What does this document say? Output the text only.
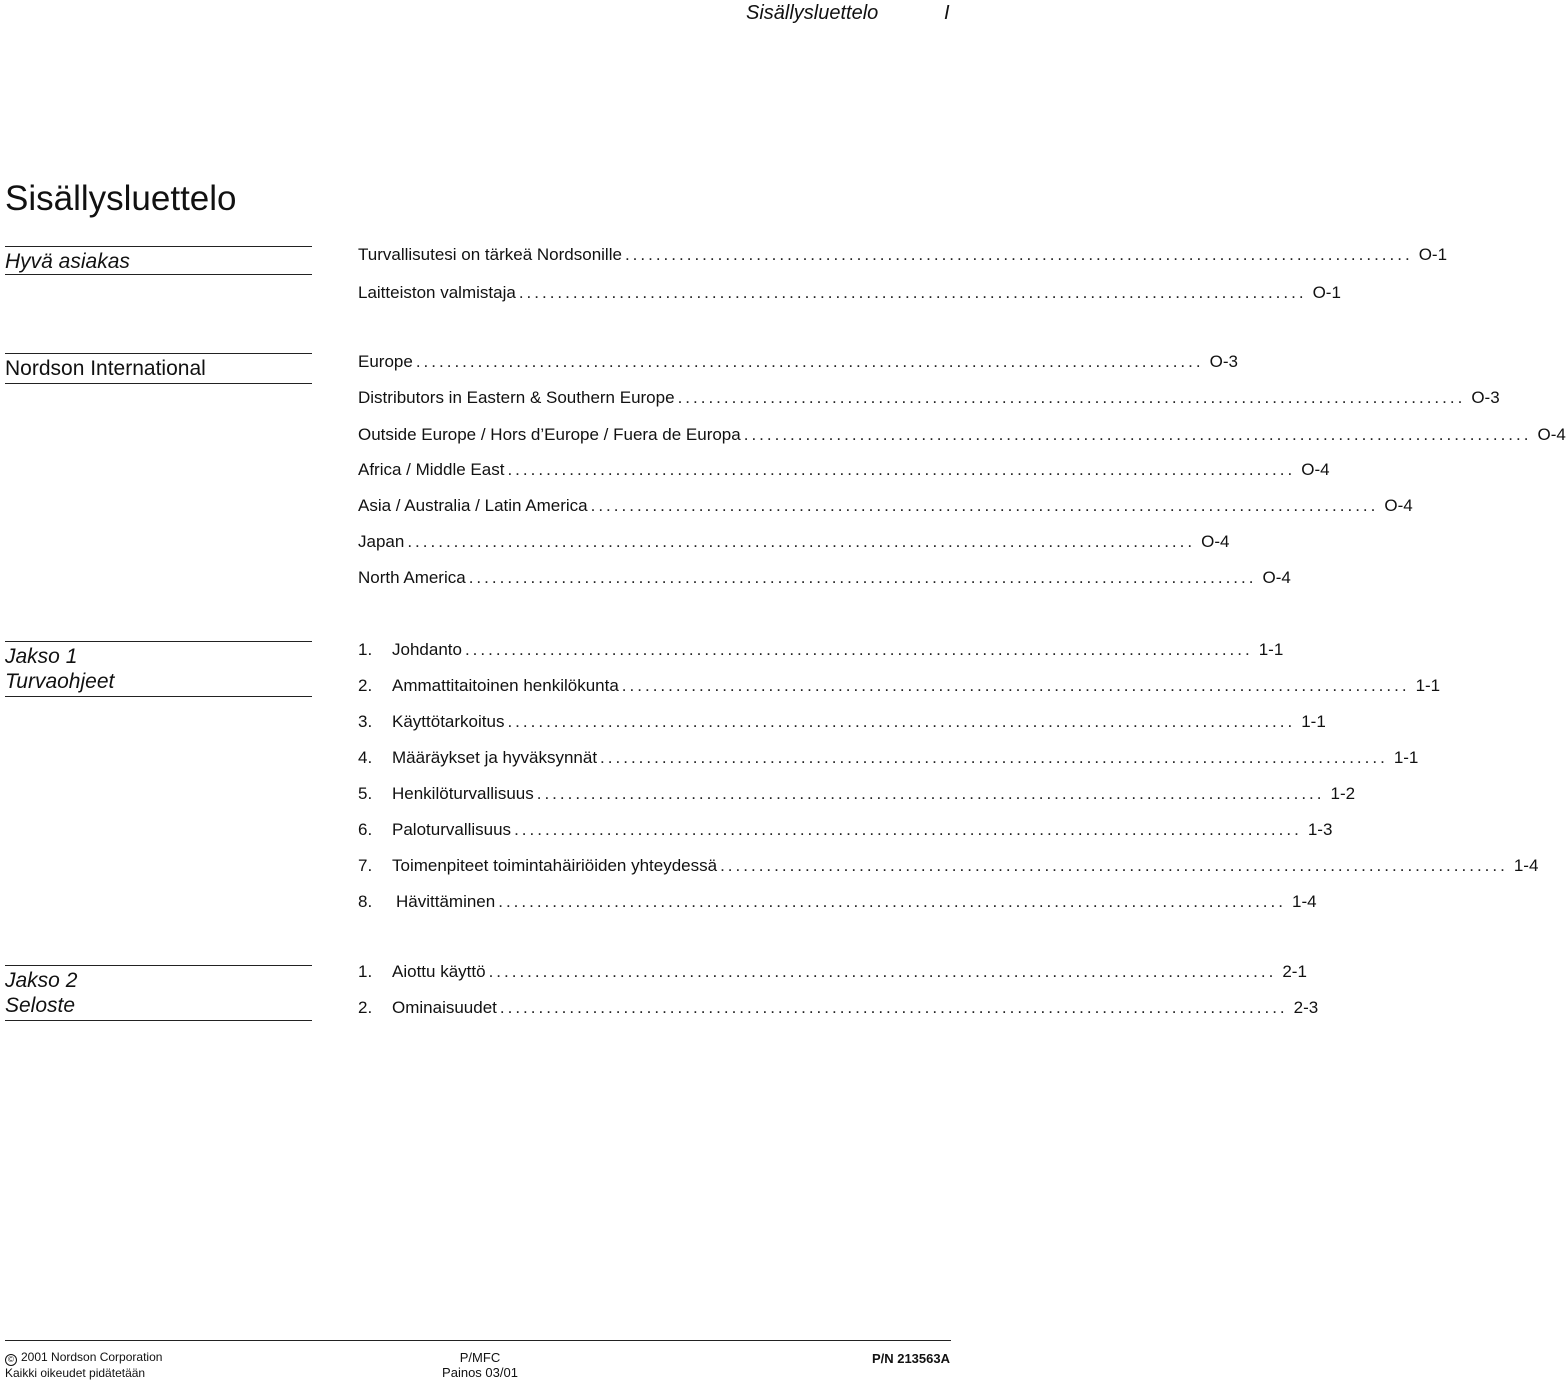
Sisällysluettelo	I
Sisällysluettelo
Hyvä asiakas	Turvallisutesi on tärkeä Nordsonille ...................................................................................................... O-1
Laitteiston valmistaja ...................................................................................................... O-1
Nordson International	Europe ...................................................................................................... O-3
Distributors in Eastern & Southern Europe ...................................................................................................... O-3
Outside Europe / Hors d’Europe / Fuera de Europa ...................................................................................................... O-4
Africa / Middle East ...................................................................................................... O-4
Asia / Australia / Latin America ...................................................................................................... O-4
Japan ...................................................................................................... O-4
North America ...................................................................................................... O-4
Jakso 1
Turvaohjeet
1.	Johdanto ...................................................................................................... 1-1
2.	Ammattitaitoinen henkilökunta ...................................................................................................... 1-1
3.	Käyttötarkoitus ...................................................................................................... 1-1
4.	Määräykset ja hyväksynnät ...................................................................................................... 1-1
5.	Henkilöturvallisuus ...................................................................................................... 1-2
6.	Paloturvallisuus ...................................................................................................... 1-3
7.	Toimenpiteet toimintahäiriöiden yhteydessä ...................................................................................................... 1-4
8.	Hävittäminen ...................................................................................................... 1-4
Jakso 2
Seloste
1.	Aiottu käyttö ...................................................................................................... 2-1
2.	Ominaisuudet ...................................................................................................... 2-3
© 2001 Nordson Corporation
Kaikki oikeudet pidätetään
P/MFC
Painos 03/01
P/N 213563A
